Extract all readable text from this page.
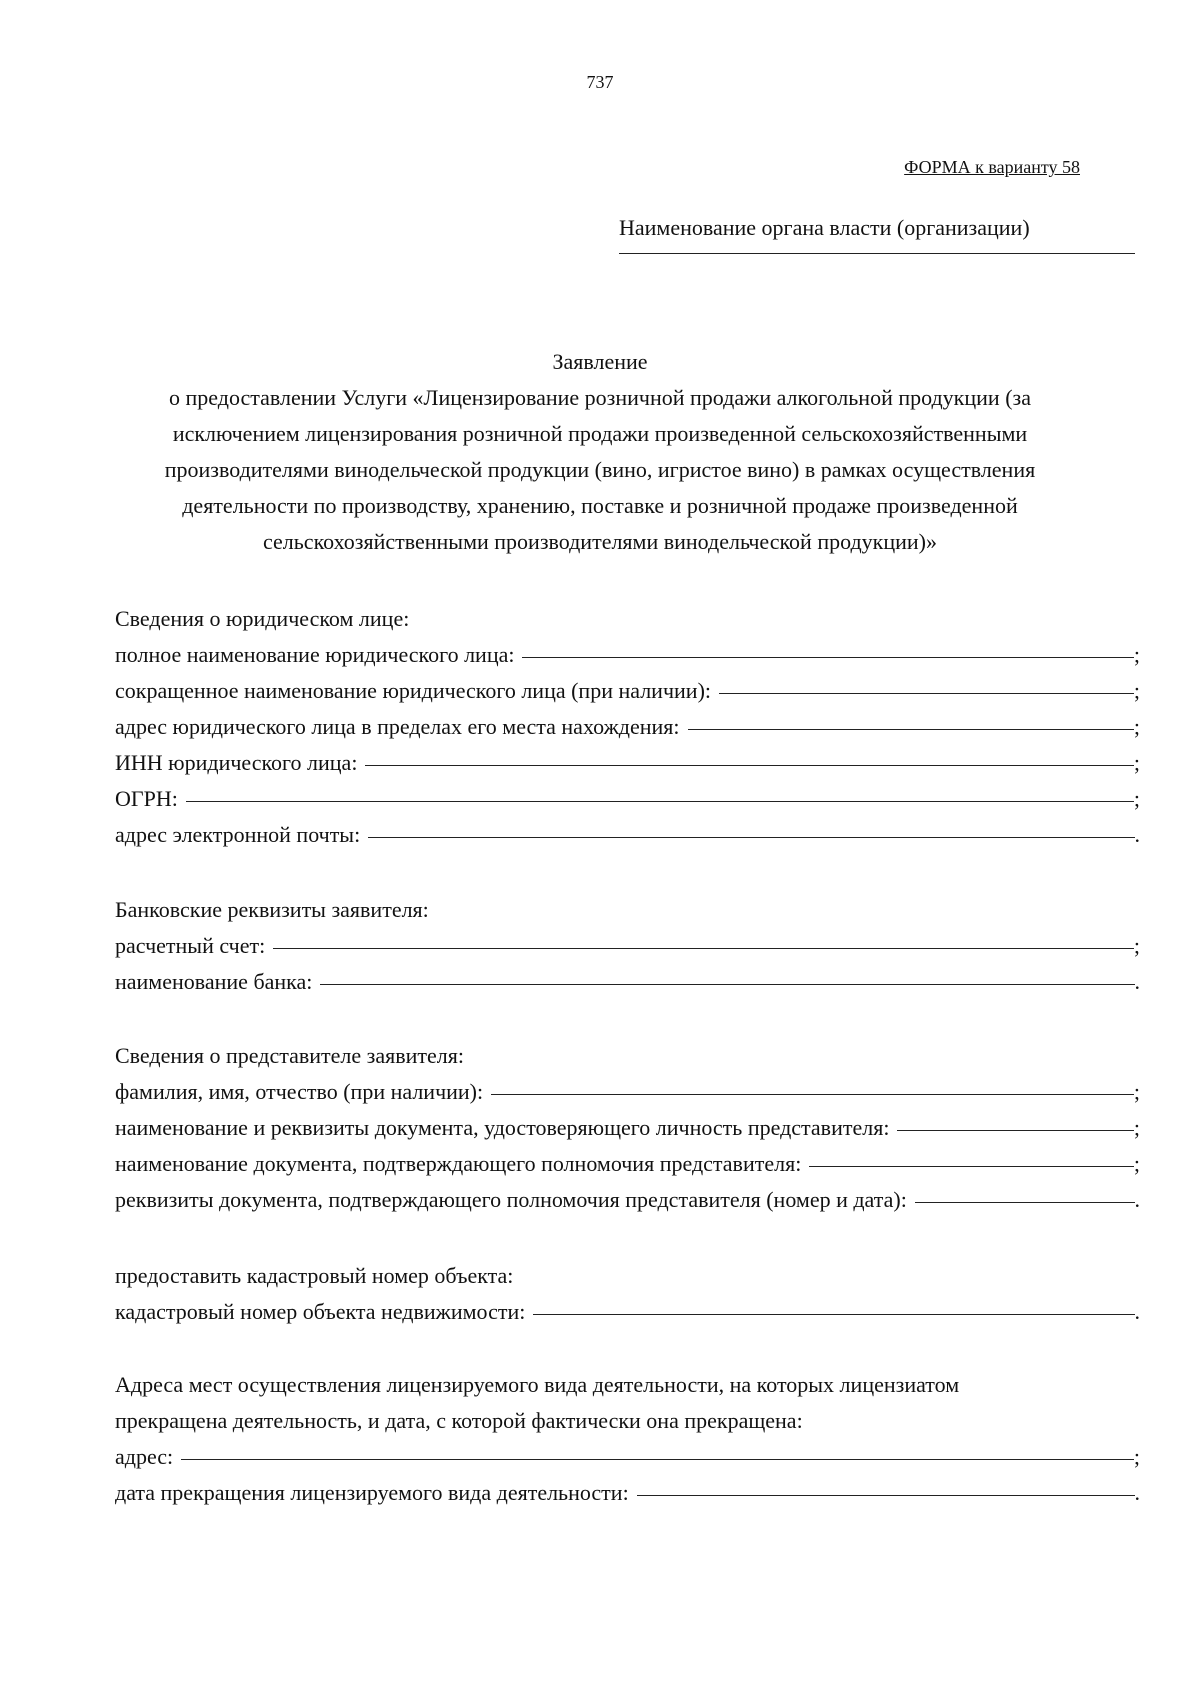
737
ФОРМА к варианту 58
Наименование органа власти (организации)
Заявление
о предоставлении Услуги «Лицензирование розничной продажи алкогольной продукции (за
исключением лицензирования розничной продажи произведенной сельскохозяйственными
производителями винодельческой продукции (вино, игристое вино) в рамках осуществления
деятельности по производству, хранению, поставке и розничной продаже произведенной
сельскохозяйственными производителями винодельческой продукции)»
Сведения о юридическом лице:
полное наименование юридического лица:	;
сокращенное наименование юридического лица (при наличии):	;
адрес юридического лица в пределах его места нахождения:	;
ИНН юридического лица:	;
ОГРН:	;
адрес электронной почты:	.
Банковские реквизиты заявителя:
расчетный счет:	;
наименование банка:	.
Сведения о представителе заявителя:
фамилия, имя, отчество (при наличии):	;
наименование и реквизиты документа, удостоверяющего личность представителя:	;
наименование документа, подтверждающего полномочия представителя:	;
реквизиты документа, подтверждающего полномочия представителя (номер и дата):	.
предоставить кадастровый номер объекта:
кадастровый номер объекта недвижимости:	.
Адреса мест осуществления лицензируемого вида деятельности, на которых лицензиатом
прекращена деятельность, и дата, с которой фактически она прекращена:
адрес:	;
дата прекращения лицензируемого вида деятельности:	.
